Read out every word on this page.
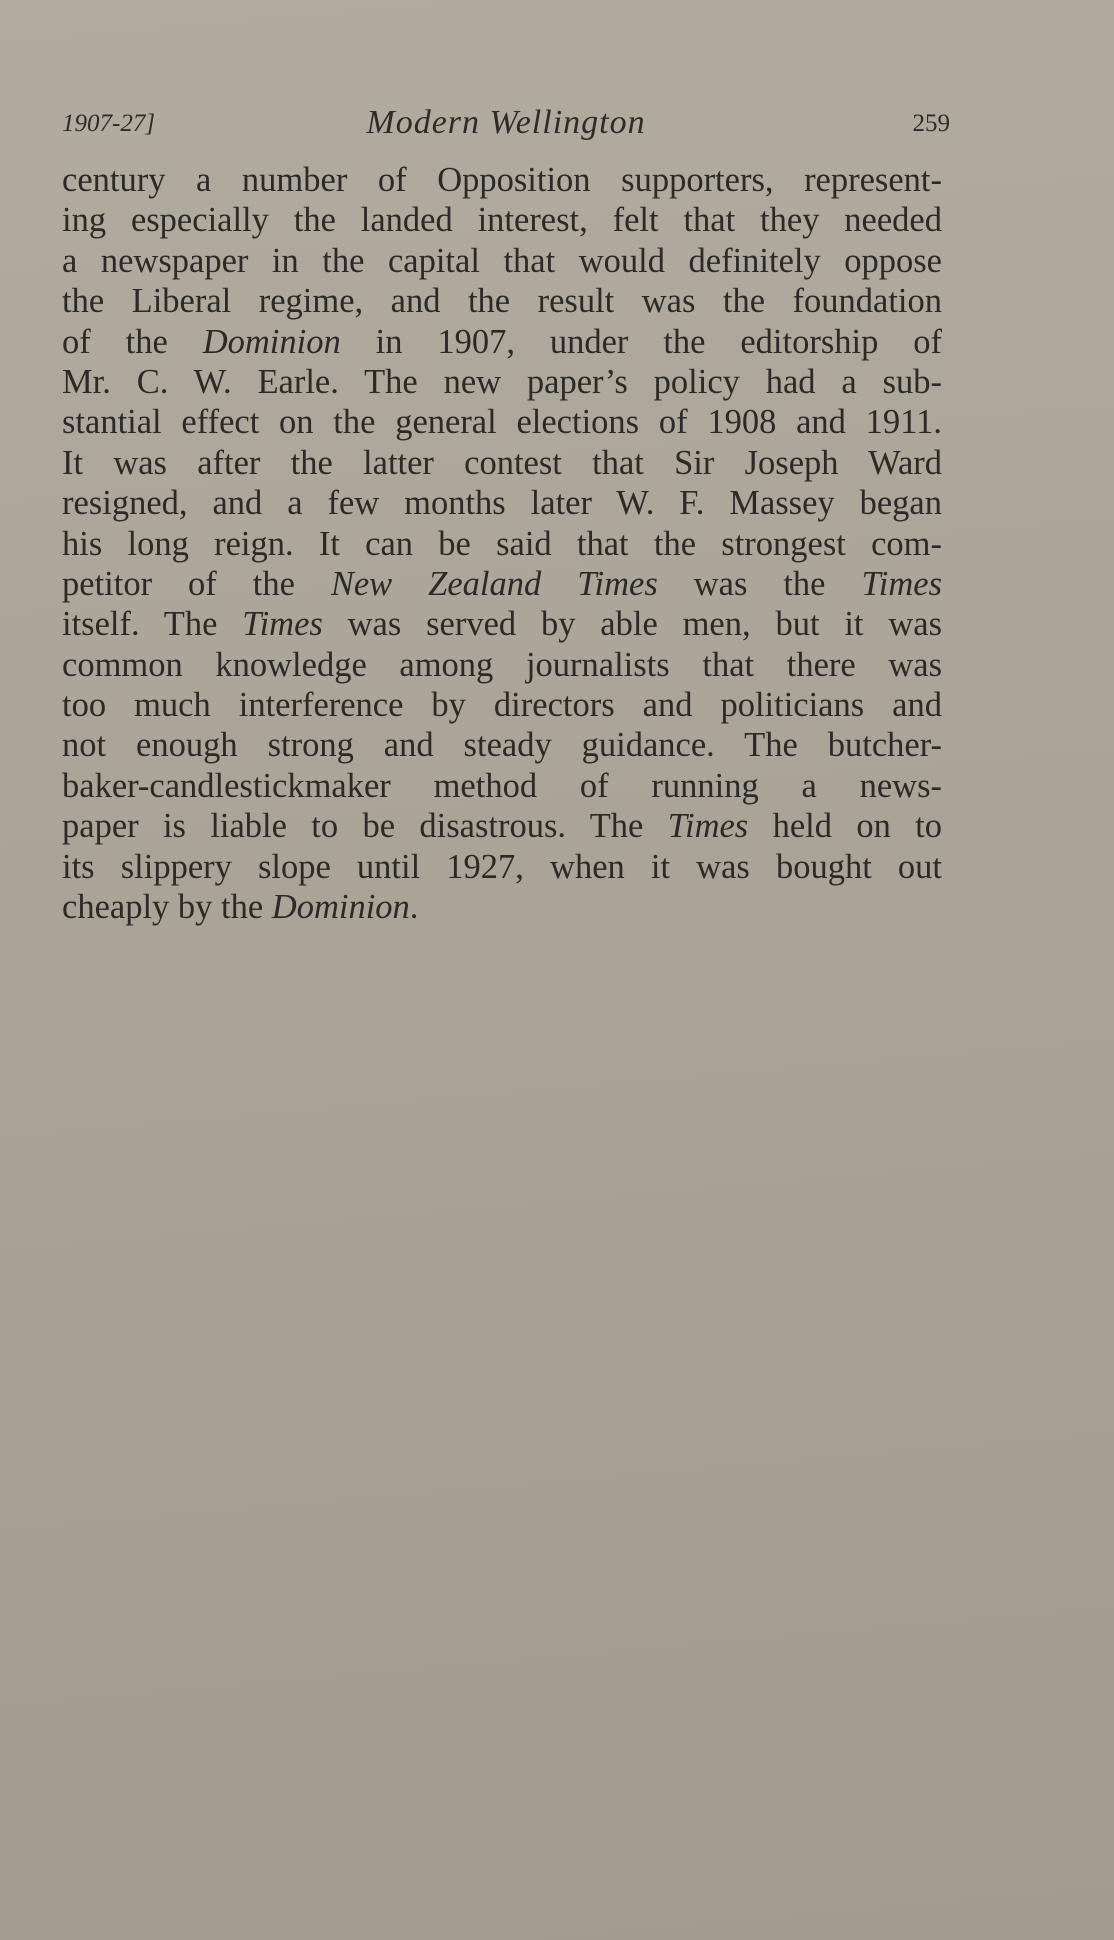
1907-27]	Modern Wellington	259
century a number of Opposition supporters, represent-
ing especially the landed interest, felt that they needed
a newspaper in the capital that would definitely oppose
the Liberal regime, and the result was the foundation
of the Dominion in 1907, under the editorship of
Mr. C. W. Earle. The new paper’s policy had a sub-
stantial effect on the general elections of 1908 and 1911.
It was after the latter contest that Sir Joseph Ward
resigned, and a few months later W. F. Massey began
his long reign. It can be said that the strongest com-
petitor of the New Zealand Times was the Times
itself. The Times was served by able men, but it was
common knowledge among journalists that there was
too much interference by directors and politicians and
not enough strong and steady guidance. The butcher-
baker-candlestickmaker method of running a news-
paper is liable to be disastrous. The Times held on to
its slippery slope until 1927, when it was bought out
cheaply by the Dominion.
